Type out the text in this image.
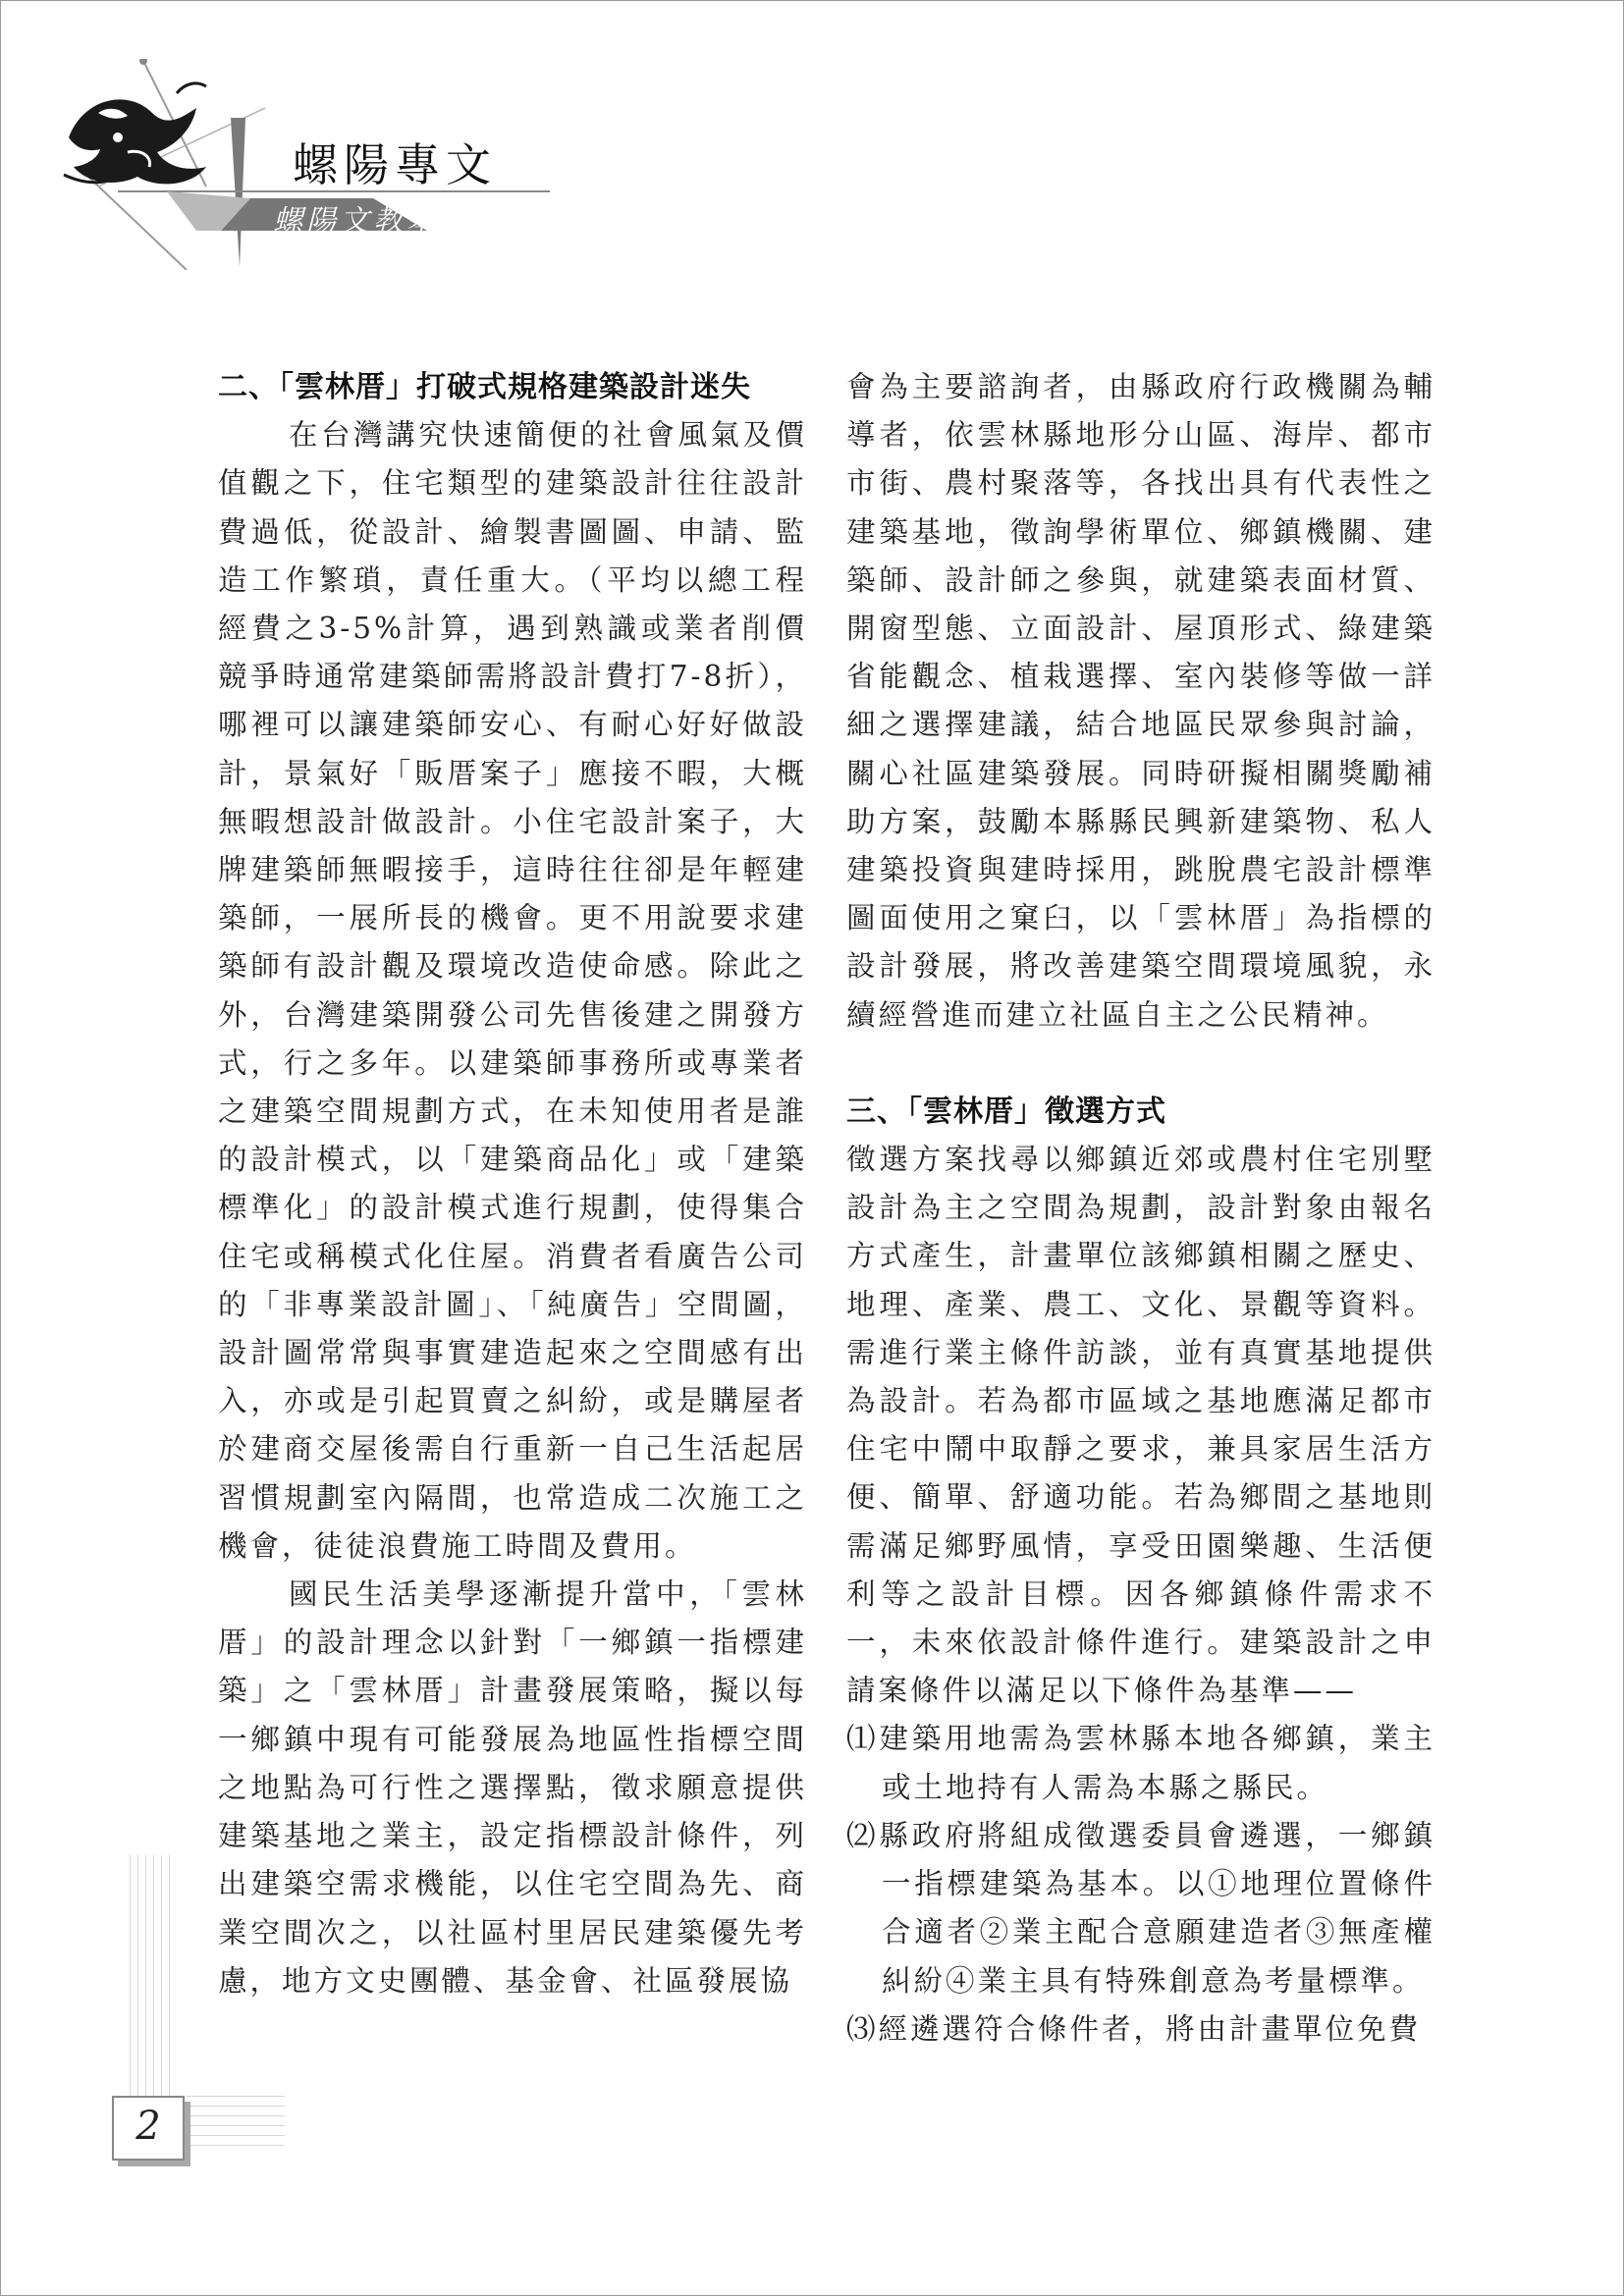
螺陽專文
螺陽文教基金會
二、「雲林厝」打破式規格建築設計迷失

在台灣講究快速簡便的社會風氣及價值觀之下，住宅類型的建築設計往往設計費過低，從設計、繪製書圖圖、申請、監造工作繁瑣，責任重大。（平均以總工程經費之3-5%計算，遇到熟識或業者削價競爭時通常建築師需將設計費打7-8折），哪裡可以讓建築師安心、有耐心好好做設計，景氣好「販厝案子」應接不暇，大概無暇想設計做設計。小住宅設計案子，大牌建築師無暇接手，這時往往卻是年輕建築師，一展所長的機會。更不用說要求建築師有設計觀及環境改造使命感。除此之外，台灣建築開發公司先售後建之開發方式，行之多年。以建築師事務所或專業者之建築空間規劃方式，在未知使用者是誰的設計模式，以「建築商品化」或「建築標準化」的設計模式進行規劃，使得集合住宅或稱模式化住屋。消費者看廣告公司的「非專業設計圖」、「純廣告」空間圖，設計圖常常與事實建造起來之空間感有出入，亦或是引起買賣之糾紛，或是購屋者於建商交屋後需自行重新一自己生活起居習慣規劃室內隔間，也常造成二次施工之機會，徒徒浪費施工時間及費用。

國民生活美學逐漸提升當中，「雲林厝」的設計理念以針對「一鄉鎮一指標建築」之「雲林厝」計畫發展策略，擬以每一鄉鎮中現有可能發展為地區性指標空間之地點為可行性之選擇點，徵求願意提供建築基地之業主，設定指標設計條件，列出建築空需求機能，以住宅空間為先、商業空間次之，以社區村里居民建築優先考慮，地方文史團體、基金會、社區發展協

會為主要諮詢者，由縣政府行政機關為輔導者，依雲林縣地形分山區、海岸、都市市街、農村聚落等，各找出具有代表性之建築基地，徵詢學術單位、鄉鎮機關、建築師、設計師之參與，就建築表面材質、開窗型態、立面設計、屋頂形式、綠建築省能觀念、植栽選擇、室內裝修等做一詳細之選擇建議，結合地區民眾參與討論，關心社區建築發展。同時研擬相關獎勵補助方案，鼓勵本縣縣民興新建築物、私人建築投資與建時採用，跳脫農宅設計標準圖面使用之窠臼，以「雲林厝」為指標的設計發展，將改善建築空間環境風貌，永續經營進而建立社區自主之公民精神。

三、「雲林厝」徵選方式

徵選方案找尋以鄉鎮近郊或農村住宅別墅設計為主之空間為規劃，設計對象由報名方式產生，計畫單位該鄉鎮相關之歷史、地理、產業、農工、文化、景觀等資料。需進行業主條件訪談，並有真實基地提供為設計。若為都市區域之基地應滿足都市住宅中鬧中取靜之要求，兼具家居生活方便、簡單、舒適功能。若為鄉間之基地則需滿足鄉野風情，享受田園樂趣、生活便利等之設計目標。因各鄉鎮條件需求不一，未來依設計條件進行。建築設計之申請案條件以滿足以下條件為基準——

⑴建築用地需為雲林縣本地各鄉鎮，業主或土地持有人需為本縣之縣民。

⑵縣政府將組成徵選委員會遴選，一鄉鎮一指標建築為基本。以①地理位置條件合適者②業主配合意願建造者③無產權糾紛④業主具有特殊創意為考量標準。

⑶經遴選符合條件者，將由計畫單位免費

2
